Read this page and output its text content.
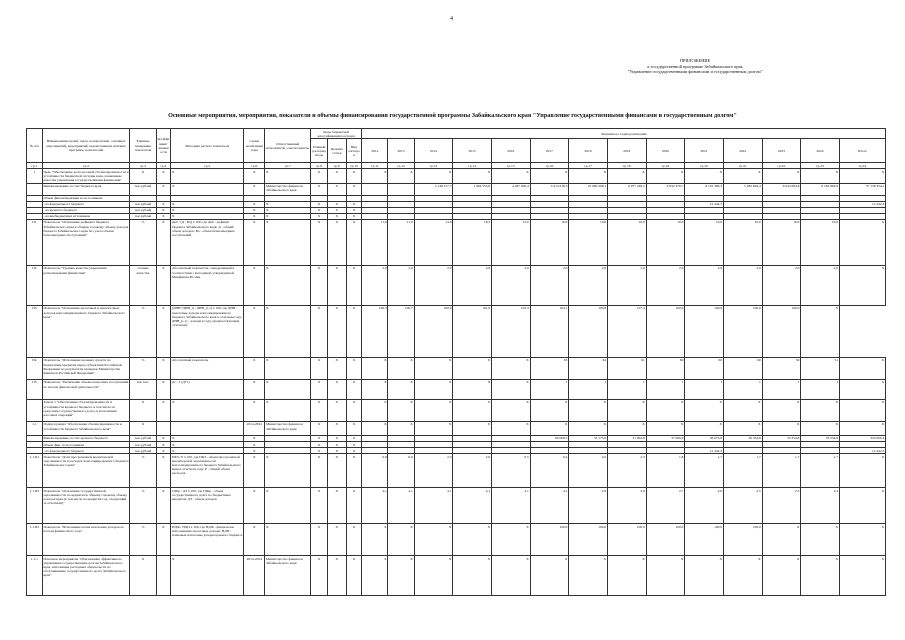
4
ПРИЛОЖЕНИЕ
к государственной программе Забайкальского края
"Управление государственными финансами и государственным долгом"
Основные мероприятия, мероприятия, показатели и объемы финансирования государственной программы Забайкальского края "Управление государственными финансами и государственным долгом"
№ п/п	Наименование целей, задач, подпрограмм, основных мероприятий, мероприятий, ведомственных целевых программ, показателей	Единица измерения показателя	Коэффициент значимости	Методика расчета показателя	Сроки реализации годы	Ответственный исполнитель, соисполнитель	Коды бюджетной классификации расходов			Значения по годам реализации													
							Главный распорядитель	Целевая статья	Вид расходов	2012	2013	2014	2015	2016	2017	2018	2019	2020	2021	2022	2023	2024	Итого
гр.1	гр.2	гр.3	гр.4	гр.5	гр.6	гр.7	гр.8	гр.9	гр.10	гр.11	гр.12	гр.13	гр.14	гр.15	гр.16	гр.17	гр.18	гр.19	гр.20	гр.21	гр.22	гр.23	гр.24
1	Цель "Обеспечение долгосрочной сбалансированности и устойчивости бюджетной системы края, повышение качества управления государственными финансами"	X	X	X	X	X	X	X	X	X	X	X	X	X	X	X	X	X	X	X	X	X	X
	Финансирование за счет бюджета края	тыс.рублей	X	X	X	Министерство финансов Забайкальского края	X	X	X			2 148 317,7	1 964 555,8	4 467 950,4	4 413 816,3	10 960 368,1	6 977 428,2	6 032 478,7	6 152 380,3	5 282 604,4	6 043 604,8	6 183 804,8	57 138 354,2
	Объем финансирования по источникам:																						
	- из федерального бюджета	тыс.рублей	X	X	X	X	X	X	X										12 442,3				12 442,3
	- из краевого бюджета	тыс.рублей	X	X	X	X	X	X	X														
	- из внебюджетных источников	тыс.рублей	X	X	X	X	X	X	X														
П1	Показатель "Отношение дефицита бюджета Забайкальского края к общему годовому объему доходов бюджета Забайкальского края без учета объема безвозмездных поступлений"	%	X	Дкб / (Д - Бп) x 100, где Дкб - дефицит бюджета Забайкальского края; Д - общий объем доходов; Бп - объем безвозмездных поступлений	X	X	X	X	X	11,9	11,9	14,6	18,5	15,0	10,0	10,0	10,0	10,0	10,0	10,0	10,0	10,0	X
П2	Показатель "Уровень качества управления региональными финансами"	степень качества	X	Абсолютный показатель, определяемый в соответствии с методикой, утвержденной Минфином России	X	X	X	X	X	2,0	2,0	2,0	2,0	2,0	2,0	2,0	2,0	2,0	2,0	2,0	2,0	2,0	X
П3	Показатель "Отношение налоговых и неналоговых доходов консолидированного бюджета Забайкальского края"	%	X	(ДНН+ДНН_t) / ДНН_(t-1) x 100, где ДНН - налоговые доходы консолидированного бюджета Забайкальского края в отчетном году; ДНН_(t-1) - доходы в году, предшествующем отчетному	X	X	X	X	X	100,3	100,7	100,9	101,9	102,3	104,1	100,8	107,4	100,0	100,0	100,0	100,0	X	
П4	Показатель "Исполнение целевых средств по бюджетным кредитам перед субъектами Российской Федерации по результатам проверок Министерства финансов Российской Федерации"	%	X	Абсолютный показатель	X	X	X	X	X	X	X	X	X	X	65	64	61	60	60	60	50	51	X
П5	Показатель "Увеличение объема налоговых поступлений по итогам финансовой деятельности"	тыс.тыс.	X	Дс / 1 (Д+1)	X	X	X	X	X	X	X	X	X	X	1	1	1	1	1	1	1	1	X
	Задача 1 "Обеспечение сбалансированности и устойчивости краевого бюджета, в том числе по средствам государственного долга, и исполнения кассовых операций"	X	X	X	X	X	X	X	X	X	X	X	X	X	X	X	X	X	X	X	X	X	X
1.1	Подпрограмма "Обеспечение сбалансированности и устойчивости бюджета Забайкальского края"	X			2014-2024	Министерство финансов Забайкальского края	X	X	X	X	X	X	X	X	X	X	X	X	X	X	X	X	X
	Финансирование за счет краевого бюджета	тыс.рублей	X	X	X		X	X	X						60 006,5	53 175,6	31 002,8	37 006,0	56 075,8	30 354,8	35 254,8	33 254,8	334 000,4
	Объем фин. по источникам	тыс.рублей	X	X	X		X	X	X														
	- из федерального бюджета	тыс.рублей	X	X	X		X	X	X										12 442,3				12 442,3
1.1.П1	Показатель "Доля просроченной кредиторской задолженности в расходах консолидированного бюджета Забайкальского края"	%	X	ПКЗ / Р x 100, где ПКЗ - объем просроченной кредиторской задолженности консолидированного бюджета Забайкальского края в отчетном году; Р - общий объем расходов	X	X	X	X	X	0,9	0,9	2,3	2,6	0,5	0,2	2,0	2,3	1,8	1,7	1,7	1,7	1,7	X
1.1.П2	Показатель "Отношение государственной задолженности по кредитам к общему годовому объему доходов края (в том числе по кредитам год, следующий за отчетным)"	%	X	ГДКр / ДЗ x 100, где ГДКр - объем государственного долга по бюджетным кредитам; ДЗ - объем доходов	X	X	X	X	X	4,1	4,1	4,1	4,1	4,1	4,1	2,9	2,9	2,7	2,6	2,5	2,5	2,4	X
1.1.П3	Показатель "Исполнение плана налоговых доходов по итогам финансового года"	%	X	НДФ / НДП x 100, где НДФ - фактически исполненные налоговые доходы; НДП - плановые налоговые доходы краевого бюджета	X	X	X	X	X	X	X	X	X	X	100,0	100,0	100,0	100,0	100,0	100,0	X	X	X
1.1.1	Основное мероприятие "Обеспечение эффективного управления государственным долгом Забайкальского края, исполнение расходных обязательств по обслуживанию государственного долга Забайкальского края"	X		X	2014-2024	Министерство финансов Забайкальского края	X	X	X	X	X	X	X	X	X	X	X	X	X	X	X	X	X
